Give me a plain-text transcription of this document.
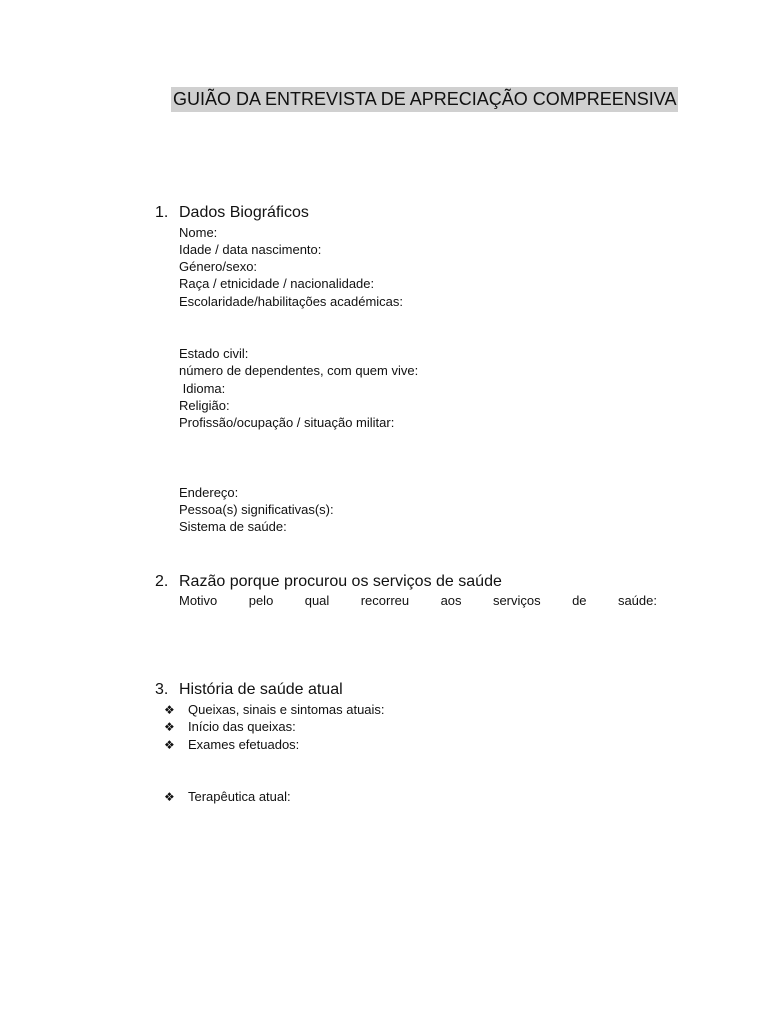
GUIÃO DA ENTREVISTA DE APRECIAÇÃO COMPREENSIVA
1. Dados Biográficos
Nome:
Idade / data nascimento:
Género/sexo:
Raça / etnicidade / nacionalidade:
Escolaridade/habilitações académicas:
Estado civil:
número de dependentes, com quem vive:
Idioma:
Religião:
Profissão/ocupação / situação militar:
Endereço:
Pessoa(s) significativas(s):
Sistema de saúde:
2. Razão porque procurou os serviços de saúde
Motivo pelo qual recorreu aos serviços de saúde:
3. História de saúde atual
❖ Queixas, sinais e sintomas atuais:
❖ Início das queixas:
❖ Exames efetuados:
❖ Terapêutica atual:
